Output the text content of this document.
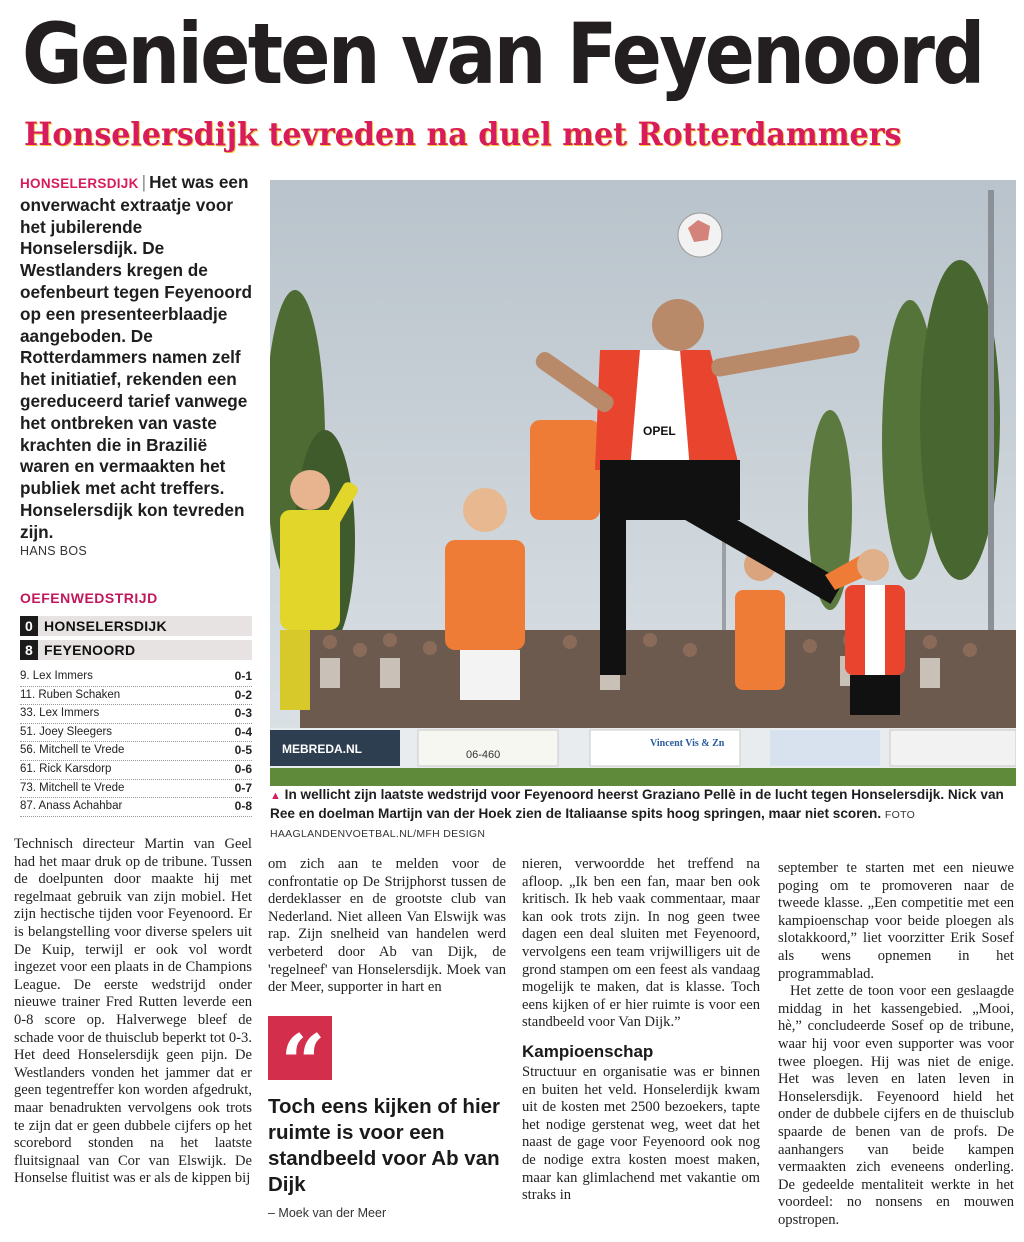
Genieten van Feyenoord
Honselersdijk tevreden na duel met Rotterdammers
HONSELERSDIJK | Het was een onverwacht extraatje voor het jubilerende Honselersdijk. De Westlanders kregen de oefenbeurt tegen Feyenoord op een presenteerblaadje aangeboden. De Rotterdammers namen zelf het initiatief, rekenden een gereduceerd tarief vanwege het ontbreken van vaste krachten die in Brazilië waren en vermaakten het publiek met acht treffers. Honselersdijk kon tevreden zijn.
HANS BOS
OEFENWEDSTRIJD
0 HONSELERSDIJK
8 FEYENOORD
9. Lex Immers	0-1
11. Ruben Schaken	0-2
33. Lex Immers	0-3
51. Joey Sleegers	0-4
56. Mitchell te Vrede	0-5
61. Rick Karsdorp	0-6
73. Mitchell te Vrede	0-7
87. Anass Achahbar	0-8
MEBREDA.NL	06-460
Vincent Vis & Zn
OPEL
▲ In wellicht zijn laatste wedstrijd voor Feyenoord heerst Graziano Pellè in de lucht tegen Honselersdijk. Nick van Ree en doelman Martijn van der Hoek zien de Italiaanse spits hoog springen, maar niet scoren. FOTO HAAGLANDENVOETBAL.NL/MFH DESIGN

Technisch directeur Martin van Geel had het maar druk op de tribune. Tussen de doelpunten door maakte hij met regelmaat gebruik van zijn mobiel. Het zijn hectische tijden voor Feyenoord. Er is belangstelling voor diverse spelers uit De Kuip, terwijl er ook vol wordt ingezet voor een plaats in de Champions League. De eerste wedstrijd onder nieuwe trainer Fred Rutten leverde een 0-8 score op. Halverwege bleef de schade voor de thuisclub beperkt tot 0-3. Het deed Honselersdijk geen pijn. De Westlanders vonden het jammer dat er geen tegentreffer kon worden afgedrukt, maar benadrukten vervolgens ook trots te zijn dat er geen dubbele cijfers op het scorebord stonden na het laatste fluitsignaal van Cor van Elswijk. De Honselse fluitist was er als de kippen bij

om zich aan te melden voor de confrontatie op De Strijphorst tussen de derdeklasser en de grootste club van Nederland. Niet alleen Van Elswijk was rap. Zijn snelheid van handelen werd verbeterd door Ab van Dijk, de 'regelneef' van Honselersdijk. Moek van der Meer, supporter in hart en

“
Toch eens kijken of hier ruimte is voor een standbeeld voor Ab van Dijk
– Moek van der Meer

nieren, verwoordde het treffend na afloop. „Ik ben een fan, maar ben ook kritisch. Ik heb vaak commentaar, maar kan ook trots zijn. In nog geen twee dagen een deal sluiten met Feyenoord, vervolgens een team vrijwilligers uit de grond stampen om een feest als vandaag mogelijk te maken, dat is klasse. Toch eens kijken of er hier ruimte is voor een standbeeld voor Van Dijk.”

Kampioenschap

Structuur en organisatie was er binnen en buiten het veld. Honselerdijk kwam uit de kosten met 2500 bezoekers, tapte het nodige gerstenat weg, weet dat het naast de gage voor Feyenoord ook nog de nodige extra kosten moest maken, maar kan glimlachend met vakantie om straks in

september te starten met een nieuwe poging om te promoveren naar de tweede klasse. „Een competitie met een kampioenschap voor beide ploegen als slotakkoord,” liet voorzitter Erik Sosef als wens opnemen in het programmablad.

Het zette de toon voor een geslaagde middag in het kassengebied. „Mooi, hè,” concludeerde Sosef op de tribune, waar hij voor even supporter was voor twee ploegen. Hij was niet de enige. Het was leven en laten leven in Honselersdijk. Feyenoord hield het onder de dubbele cijfers en de thuisclub spaarde de benen van de profs. De aanhangers van beide kampen vermaakten zich eveneens onderling. De gedeelde mentaliteit werkte in het voordeel: no nonsens en mouwen opstropen.
